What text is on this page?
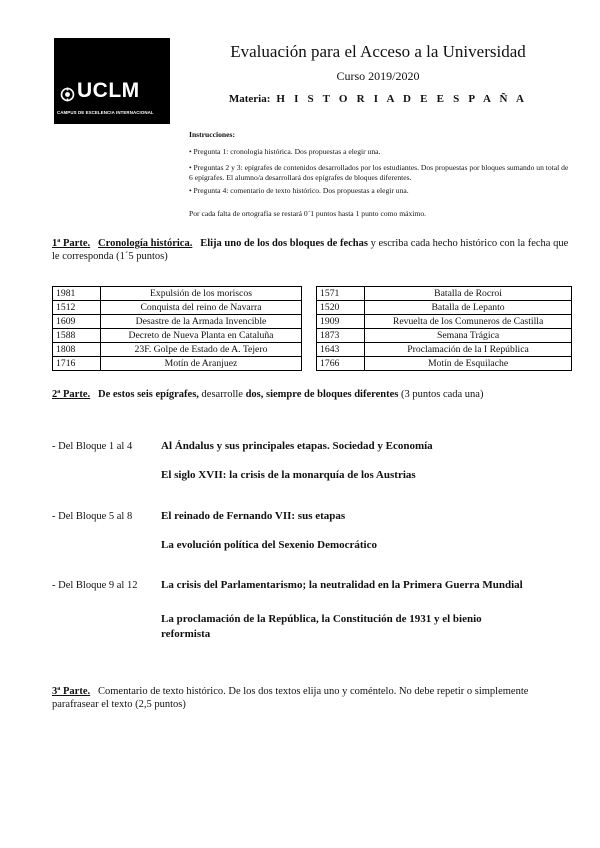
UCLM
CAMPUS DE EXCELENCIA INTERNACIONAL
Evaluación para el Acceso a la Universidad
Curso 2019/2020
Materia: H I S T O R I A D E E S P A Ñ A
Instrucciones:
• Pregunta 1: cronología histórica. Dos propuestas a elegir una.
• Preguntas 2 y 3: epígrafes de contenidos desarrollados por los estudiantes. Dos propuestas por bloques sumando un total de 6 epígrafes. El alumno/a desarrollará dos epígrafes de bloques diferentes.
• Pregunta 4: comentario de texto histórico. Dos propuestas a elegir una.
Por cada falta de ortografía se restará 0´1 puntos hasta 1 punto como máximo.
1ª Parte. Cronología histórica. Elija uno de los dos bloques de fechas y escriba cada hecho histórico con la fecha que le corresponda (1´5 puntos)
1981	Expulsión de los moriscos
1512	Conquista del reino de Navarra
1609	Desastre de la Armada Invencible
1588	Decreto de Nueva Planta en Cataluña
1808	23F. Golpe de Estado de A. Tejero
1716	Motín de Aranjuez
1571	Batalla de Rocroi
1520	Batalla de Lepanto
1909	Revuelta de los Comuneros de Castilla
1873	Semana Trágica
1643	Proclamación de la I República
1766	Motín de Esquilache
2ª Parte. De estos seis epígrafes, desarrolle dos, siempre de bloques diferentes (3 puntos cada una)
- Del Bloque 1 al 4	Al Ándalus y sus principales etapas. Sociedad y Economía
El siglo XVII: la crisis de la monarquía de los Austrias
- Del Bloque 5 al 8	El reinado de Fernando VII: sus etapas
La evolución política del Sexenio Democrático
- Del Bloque 9 al 12 La crisis del Parlamentarismo; la neutralidad en la Primera Guerra Mundial
La proclamación de la República, la Constitución de 1931 y el bienio reformista
3ª Parte. Comentario de texto histórico. De los dos textos elija uno y coméntelo. No debe repetir o simplemente parafrasear el texto (2,5 puntos)
